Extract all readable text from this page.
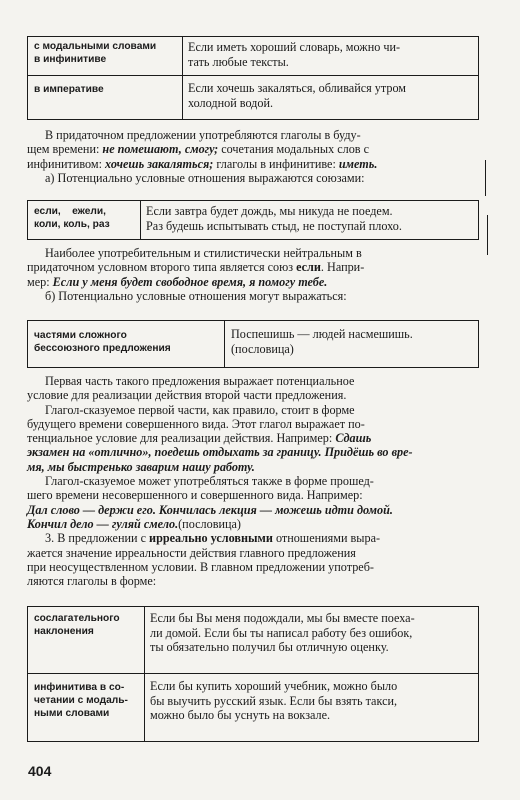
с модальными словами
в инфинитиве
Если иметь хороший словарь, можно чи-
тать любые тексты.
в императиве	Если хочешь закаляться, обливайся утром
холодной водой.

В придаточном предложении употребляются глаголы в буду-

щем времени: не помешают, смогу; сочетания модальных слов с

инфинитивом: хочешь закаляться; глаголы в инфинитиве: иметь.

а) Потенциально условные отношения выражаются союзами:

если,    ежели,
коли, коль, раз
Если завтра будет дождь, мы никуда не поедем.
Раз будешь испытывать стыд, не поступай плохо.

Наиболее употребительным и стилистически нейтральным в

придаточном условном второго типа является союз если. Напри-

мер: Если у меня будет свободное время, я помогу тебе.

б) Потенциально условные отношения могут выражаться:

частями сложного
бессоюзного предложения
Поспешишь — людей насмешишь.
(пословица)

Первая часть такого предложения выражает потенциальное

условие для реализации действия второй части предложения.

Глагол-сказуемое первой части, как правило, стоит в форме

будущего времени совершенного вида. Этот глагол выражает по-

тенциальное условие для реализации действия. Например: Сдашь

экзамен на «отлично», поедешь отдыхать за границу. Придёшь во вре-

мя, мы быстренько заварим нашу работу.

Глагол-сказуемое может употребляться также в форме прошед-

шего времени несовершенного и совершенного вида. Например:

Дал слово — держи его. Кончилась лекция — можешь идти домой.

Кончил дело — гуляй смело.(пословица)

3. В предложении с ирреально условными отношениями выра-

жается значение ирреальности действия главного предложения

при неосуществленном условии. В главном предложении употреб-

ляются глаголы в форме:

сослагательного
наклонения
Если бы Вы меня подождали, мы бы вместе поеха-
ли домой. Если бы ты написал работу без ошибок,
ты обязательно получил бы отличную оценку.
инфинитива в со-
четании с модаль-
ными словами
Если бы купить хороший учебник, можно было
бы выучить русский язык. Если бы взять такси,
можно было бы уснуть на вокзале.
404
